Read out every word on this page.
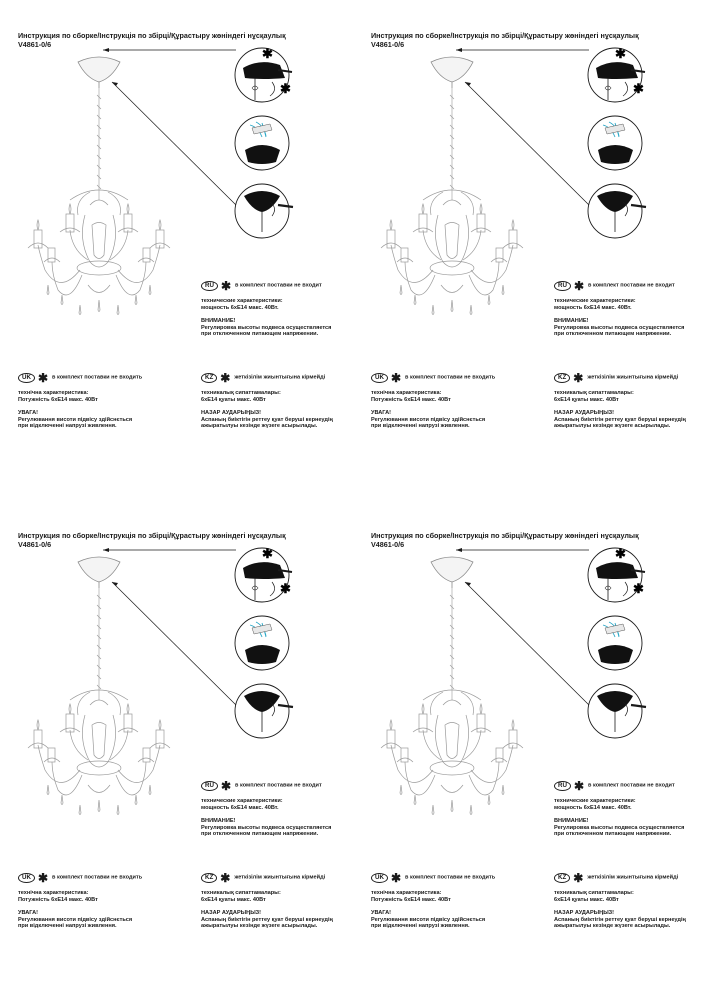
Инструкция по сборке/Інструкція по збірці/Құрастыру жөніндегі нұсқаулық
V4861-0/6
RU ✱ в комплект поставки не входит
технические характеристики:
мощность 6xE14 макс. 40Вт.
ВНИМАНИЕ!
Регулировка высоты подвеса осуществляется
при отключенном питающем напряжении.
UK ✱ в комплект поставки не входить
технічна характеристика:
Потужність 6xE14 макс. 40Вт
УВАГА!
Регулювання висоти підвісу здійснється
при відключенні напрузі живлення.
KZ ✱ жеткізілім жиынтығына кірмейді
техникалық сипаттамалары:
6xE14 қуаты макс. 40Вт
НАЗАР АУДАРЫҢЫЗ!
Аспаның биіктігін реттеу қуат беруші кернеудің
ажыратылуы кезінде жүзеге асырылады.
Инструкция по сборке/Інструкція по збірці/Құрастыру жөніндегі нұсқаулық
V4861-0/6
RU ✱ в комплект поставки не входит
технические характеристики:
мощность 6xE14 макс. 40Вт.
ВНИМАНИЕ!
Регулировка высоты подвеса осуществляется
при отключенном питающем напряжении.
UK ✱ в комплект поставки не входить
технічна характеристика:
Потужність 6xE14 макс. 40Вт
УВАГА!
Регулювання висоти підвісу здійснється
при відключенні напрузі живлення.
KZ ✱ жеткізілім жиынтығына кірмейді
техникалық сипаттамалары:
6xE14 қуаты макс. 40Вт
НАЗАР АУДАРЫҢЫЗ!
Аспаның биіктігін реттеу қуат беруші кернеудің
ажыратылуы кезінде жүзеге асырылады.
Инструкция по сборке/Інструкція по збірці/Құрастыру жөніндегі нұсқаулық
V4861-0/6
RU ✱ в комплект поставки не входит
технические характеристики:
мощность 6xE14 макс. 40Вт.
ВНИМАНИЕ!
Регулировка высоты подвеса осуществляется
при отключенном питающем напряжении.
UK ✱ в комплект поставки не входить
технічна характеристика:
Потужність 6xE14 макс. 40Вт
УВАГА!
Регулювання висоти підвісу здійснється
при відключенні напрузі живлення.
KZ ✱ жеткізілім жиынтығына кірмейді
техникалық сипаттамалары:
6xE14 қуаты макс. 40Вт
НАЗАР АУДАРЫҢЫЗ!
Аспаның биіктігін реттеу қуат беруші кернеудің
ажыратылуы кезінде жүзеге асырылады.
Инструкция по сборке/Інструкція по збірці/Құрастыру жөніндегі нұсқаулық
V4861-0/6
RU ✱ в комплект поставки не входит
технические характеристики:
мощность 6xE14 макс. 40Вт.
ВНИМАНИЕ!
Регулировка высоты подвеса осуществляется
при отключенном питающем напряжении.
UK ✱ в комплект поставки не входить
технічна характеристика:
Потужність 6xE14 макс. 40Вт
УВАГА!
Регулювання висоти підвісу здійснється
при відключенні напрузі живлення.
KZ ✱ жеткізілім жиынтығына кірмейді
техникалық сипаттамалары:
6xE14 қуаты макс. 40Вт
НАЗАР АУДАРЫҢЫЗ!
Аспаның биіктігін реттеу қуат беруші кернеудің
ажыратылуы кезінде жүзеге асырылады.
